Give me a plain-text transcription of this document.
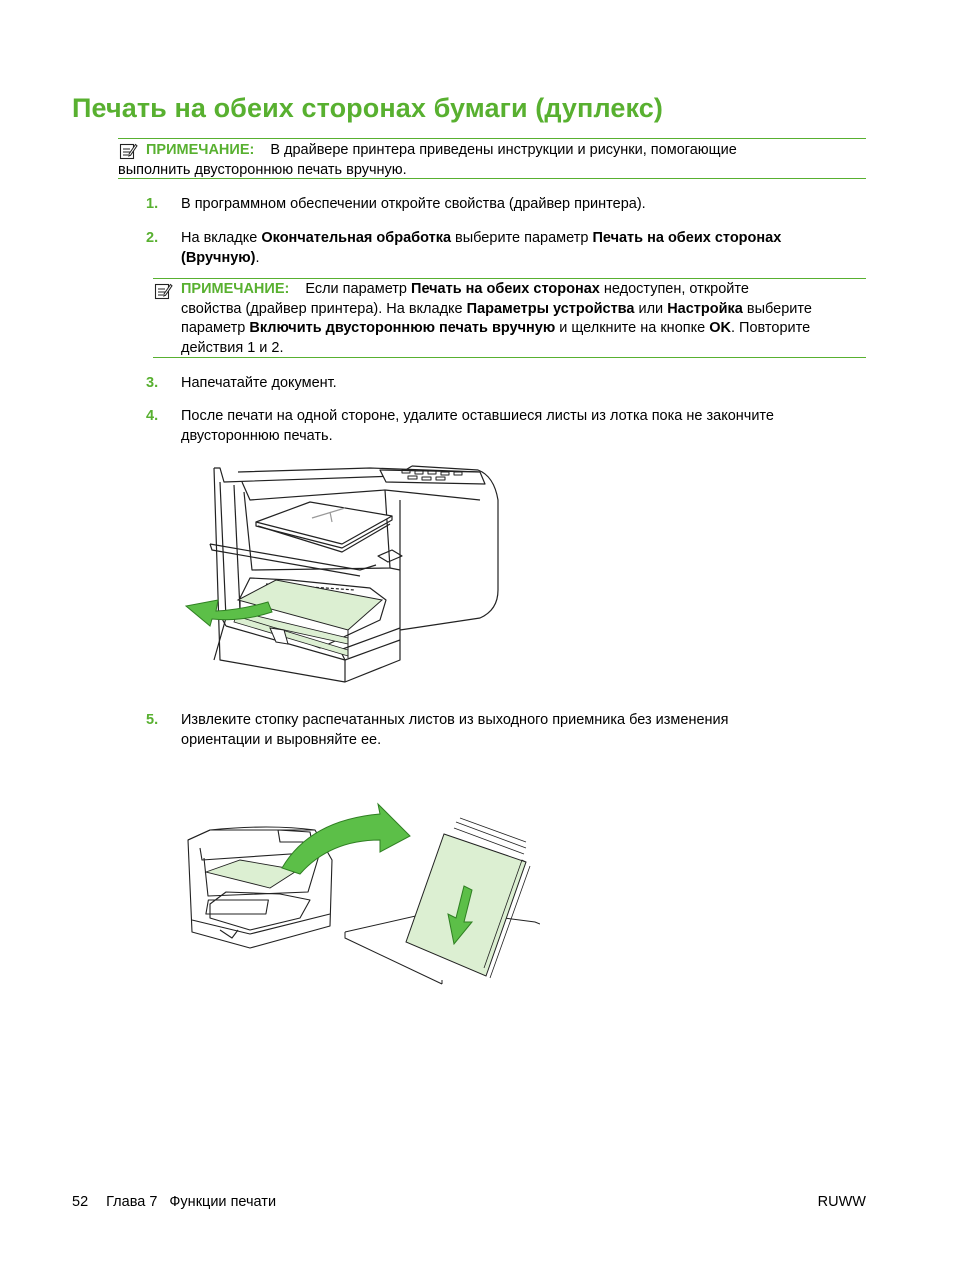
Печать на обеих сторонах бумаги (дуплекс)
ПРИМЕЧАНИЕ: В драйвере принтера приведены инструкции и рисунки, помогающие
выполнить двустороннюю печать вручную.
1. В программном обеспечении откройте свойства (драйвер принтера).
2. На вкладке Окончательная обработка выберите параметр Печать на обеих сторонах
(Вручную).
ПРИМЕЧАНИЕ: Если параметр Печать на обеих сторонах недоступен, откройте
свойства (драйвер принтера). На вкладке Параметры устройства или Настройка выберите
параметр Включить двустороннюю печать вручную и щелкните на кнопке OK. Повторите
действия 1 и 2.
3. Напечатайте документ.
4. После печати на одной стороне, удалите оставшиеся листы из лотка пока не закончите
двустороннюю печать.
5. Извлеките стопку распечатанных листов из выходного приемника без изменения
ориентации и выровняйте ее.
52 Глава 7 Функции печати	RUWW
